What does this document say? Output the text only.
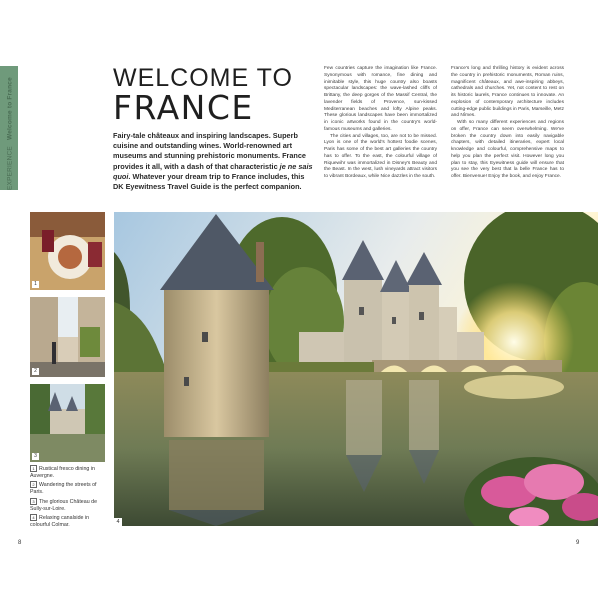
EXPERIENCE

Welcome to France	WELCOME TO
FRANCE
Fairy-tale châteaux and inspiring landscapes. Superb cuisine and outstanding wines. World-renowned art museums and stunning prehistoric monuments. France provides it all, with a dash of that characteristic je ne sais quoi. Whatever your dream trip to France includes, this DK Eyewitness Travel Guide is the perfect companion.

Few countries capture the imagination like France. Synonymous with romance, fine dining and inimitable style, this huge country also boasts spectacular landscapes: the wave-lashed cliffs of Brittany, the deep gorges of the Massif Central, the lavender fields of Provence, sun-kissed Mediterranean beaches and lofty Alpine peaks. These glorious landscapes have been immortalized in iconic artworks found in the country's world-famous museums and galleries.

The cities and villages, too, are not to be missed. Lyon is one of the world's hottest foodie scenes, Paris has some of the best art galleries the country has to offer. To the east, the colourful village of Riquewihr was immortalized in Disney's Beauty and the Beast. In the west, lush vineyards attract visitors to vibrant Bordeaux, while Nice dazzles in the south.

France's long and thrilling history is evident across the country in prehistoric monuments, Roman ruins, magnificent châteaux, and awe-inspiring abbeys, cathedrals and churches. Yet, not content to rest on its historic laurels, France continues to innovate. An explosion of contemporary architecture includes cutting-edge public buildings in Paris, Marseille, Metz and Nîmes.

With so many different experiences and regions on offer, France can seem overwhelming. We've broken the country down into easily navigable chapters, with detailed itineraries, expert local knowledge and colourful, comprehensive maps to help you plan the perfect visit. However long you plan to stay, this Eyewitness guide will ensure that you see the very best that la belle France has to offer. Bienvenue! Enjoy the book, and enjoy France.

1
2
3
4
1 Rustical fresco dining in Auvergne.
2 Wandering the streets of Paris.
3 The glorious Château de Sully-sur-Loire.
4 Relaxing canalside in colourful Colmar.
8	9
